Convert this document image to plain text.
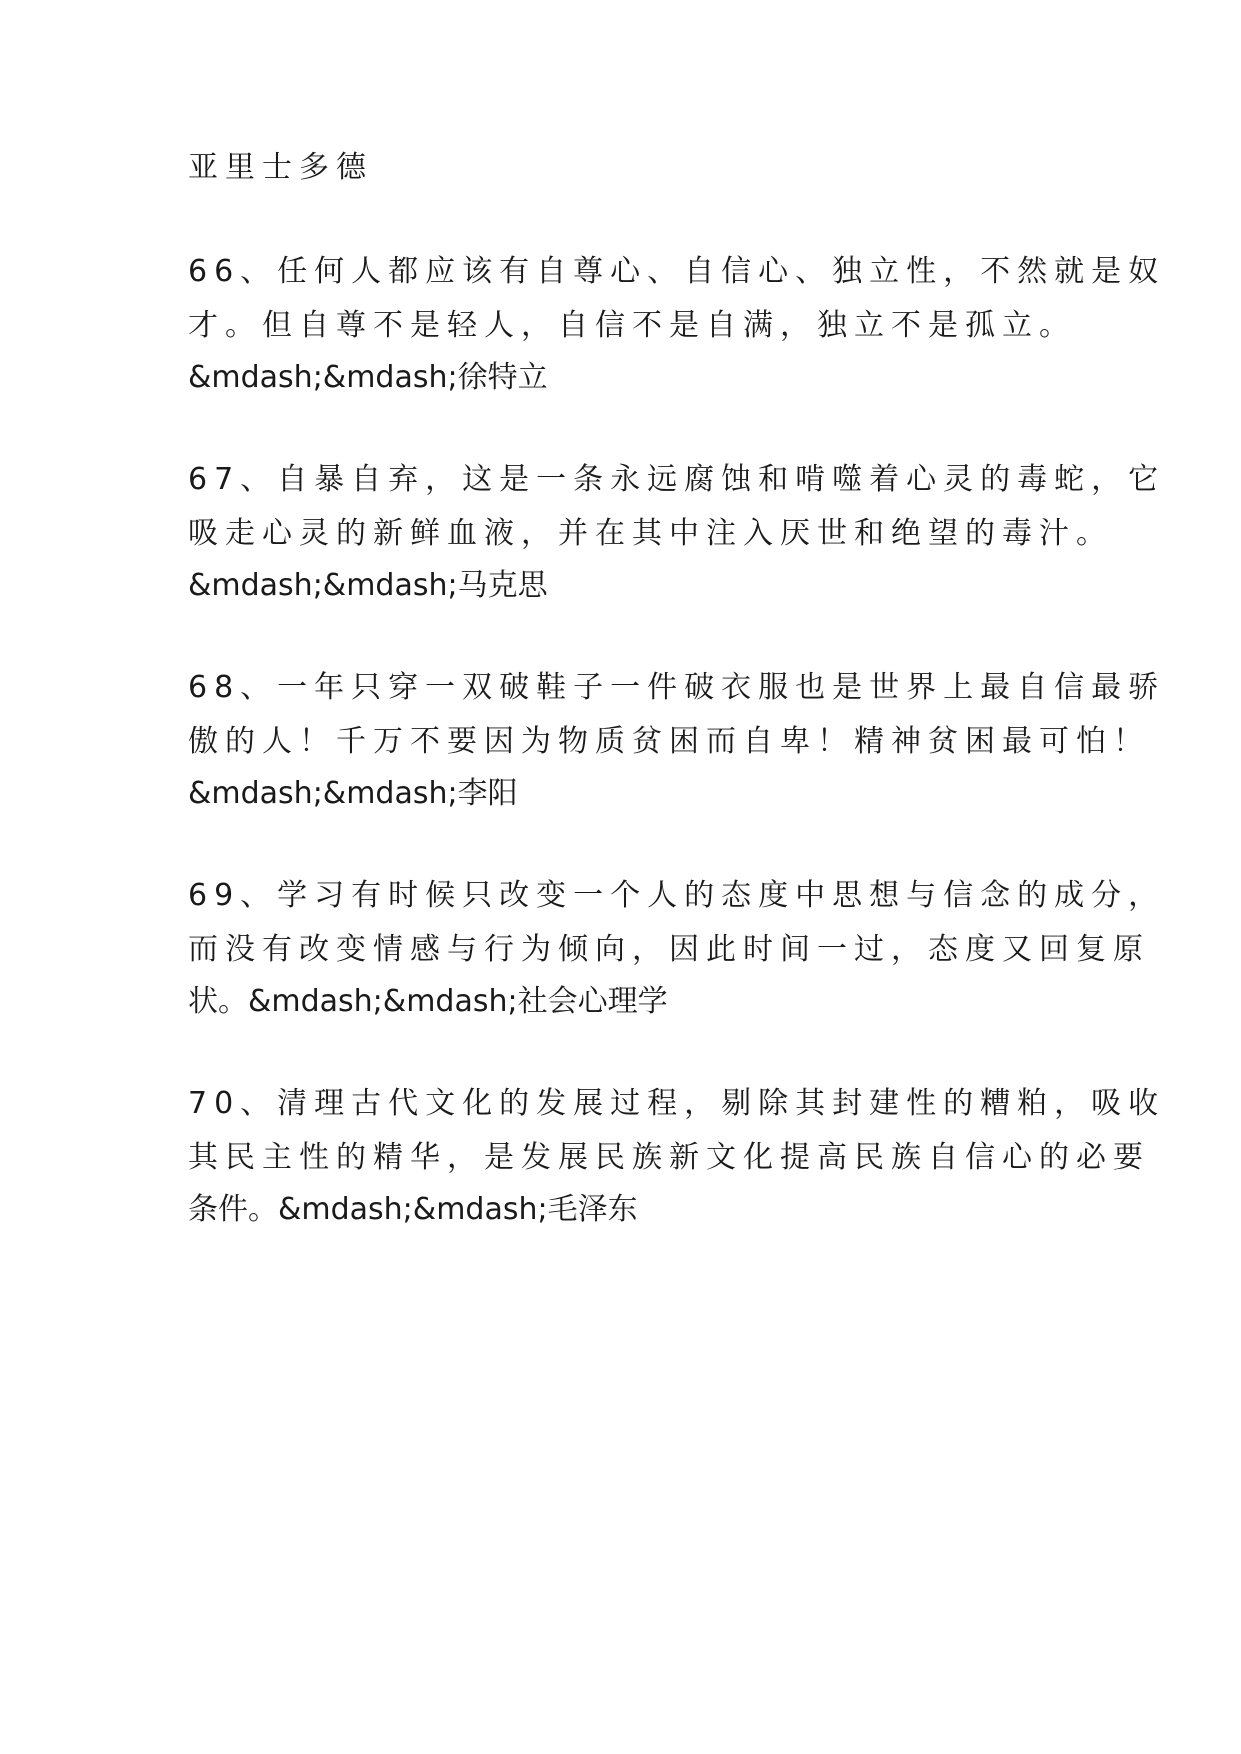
亚里士多德
66、任何人都应该有自尊心、自信心、独立性，不然就是奴
才。但自尊不是轻人，自信不是自满，独立不是孤立。
&mdash;&mdash;徐特立
67、自暴自弃，这是一条永远腐蚀和啃噬着心灵的毒蛇，它
吸走心灵的新鲜血液，并在其中注入厌世和绝望的毒汁。
&mdash;&mdash;马克思
68、一年只穿一双破鞋子一件破衣服也是世界上最自信最骄
傲的人！千万不要因为物质贫困而自卑！精神贫困最可怕！
&mdash;&mdash;李阳
69、学习有时候只改变一个人的态度中思想与信念的成分，
而没有改变情感与行为倾向，因此时间一过，态度又回复原
状。&mdash;&mdash;社会心理学
70、清理古代文化的发展过程，剔除其封建性的糟粕，吸收
其民主性的精华，是发展民族新文化提高民族自信心的必要
条件。&mdash;&mdash;毛泽东
